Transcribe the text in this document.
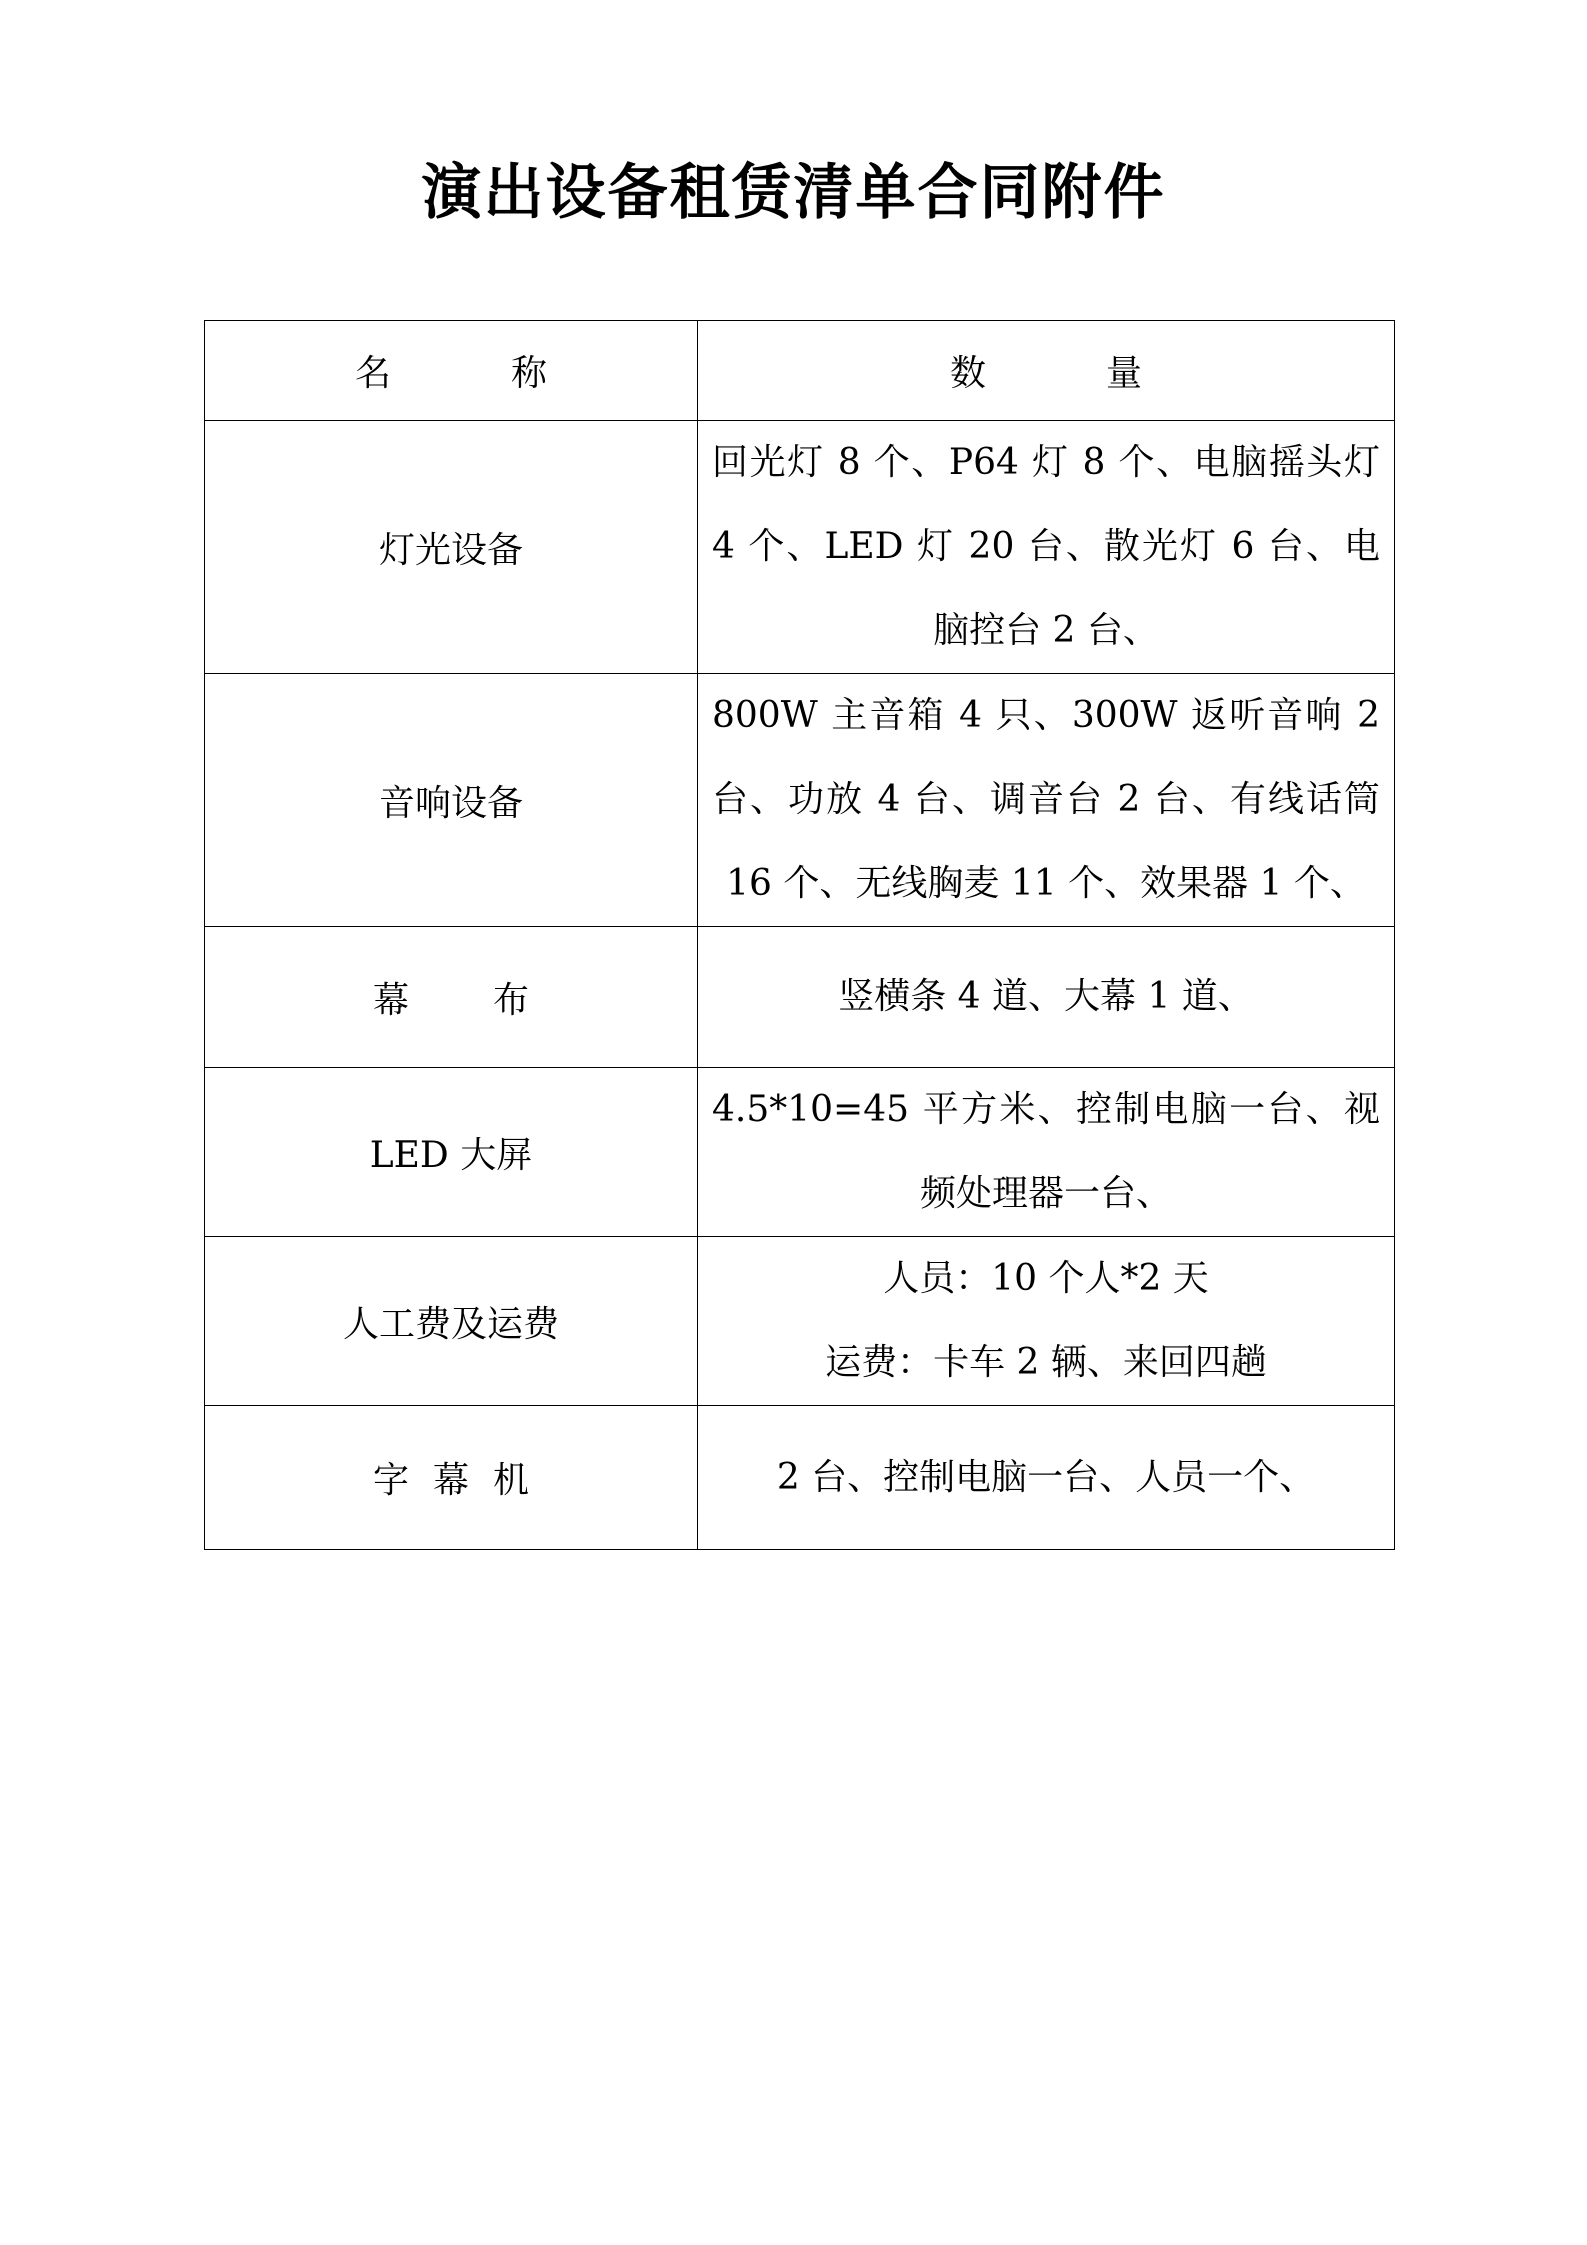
演出设备租赁清单合同附件
名称	数量
灯光设备	回光灯 8 个、P64 灯 8 个、电脑摇头灯 4 个、LED 灯 20 台、散光灯 6 台、电脑控台 2 台、

音响设备	800W 主音箱 4 只、300W 返听音响 2 台、功放 4 台、调音台 2 台、有线话筒 16 个、无线胸麦 11 个、效果器 1 个、

幕布	竖横条 4 道、大幕 1 道、

LED 大屏	4.5*10=45 平方米、控制电脑一台、视频处理器一台、

人工费及运费	人员：10 个人*2 天
运费：卡车 2 辆、来回四趟

字幕机	2 台、控制电脑一台、人员一个、
